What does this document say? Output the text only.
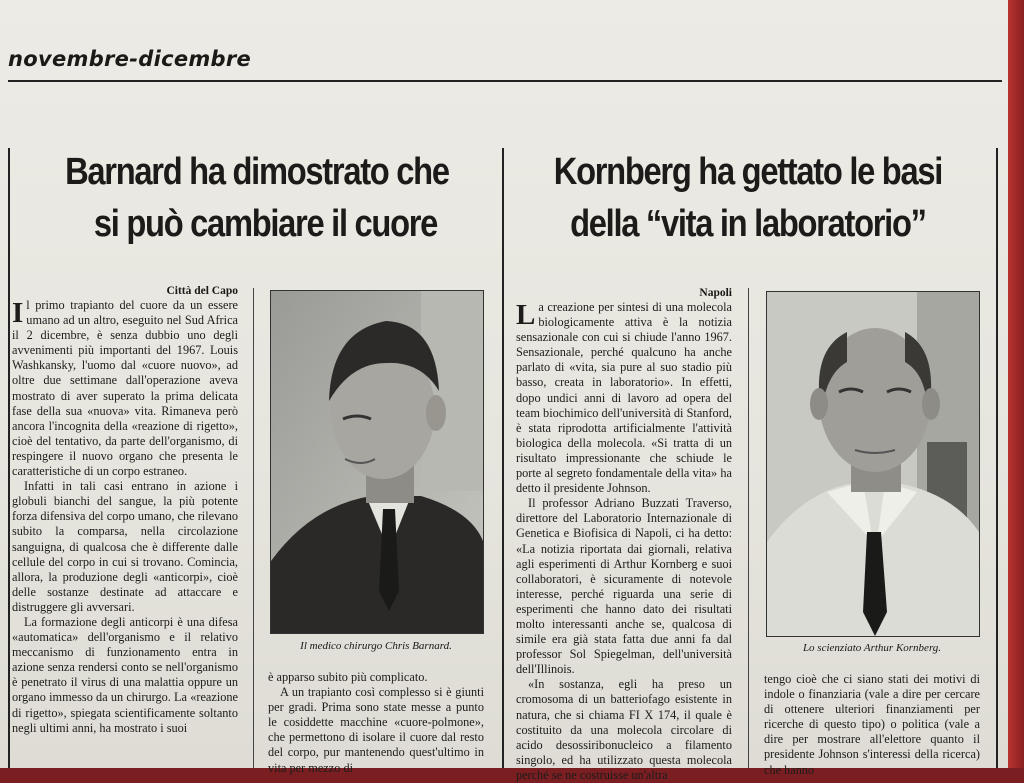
novembre-dicembre
Barnard ha dimostrato che
si può cambiare il cuore
Città del Capo

Il primo trapianto del cuore da un essere umano ad un altro, eseguito nel Sud Africa il 2 dicembre, è senza dubbio uno degli avvenimenti più importanti del 1967. Louis Washkansky, l'uomo dal «cuore nuovo», ad oltre due settimane dall'operazione aveva mostrato di aver superato la prima delicata fase della sua «nuova» vita. Rimaneva però ancora l'incognita della «reazione di rigetto», cioè del tentativo, da parte dell'organismo, di respingere il nuovo organo che presenta le caratteristiche di un corpo estraneo.

Infatti in tali casi entrano in azione i globuli bianchi del sangue, la più potente forza difensiva del corpo umano, che rilevano subito la comparsa, nella circolazione sanguigna, di qualcosa che è differente dalle cellule del corpo in cui si trovano. Comincia, allora, la produzione degli «anticorpi», cioè delle sostanze destinate ad attaccare e distruggere gli avversari.

La formazione degli anticorpi è una difesa «automatica» dell'organismo e il relativo meccanismo di funzionamento entra in azione senza rendersi conto se nell'organismo è penetrato il virus di una malattia oppure un organo immesso da un chirurgo. La «reazione di rigetto», spiegata scientificamente soltanto negli ultimi anni, ha mostrato i suoi

Il medico chirurgo Chris Barnard.

è apparso subito più complicato.

A un trapianto così complesso si è giunti per gradi. Prima sono state messe a punto le cosiddette macchine «cuore-polmone», che permettono di isolare il cuore dal resto del corpo, pur mantenendo quest'ultimo in vita per mezzo di

Kornberg ha gettato le basi
della “vita in laboratorio”
Napoli

La creazione per sintesi di una molecola biologicamente attiva è la notizia sensazionale con cui si chiude l'anno 1967. Sensazionale, perché qualcuno ha anche parlato di «vita, sia pure al suo stadio più basso, creata in laboratorio». In effetti, dopo undici anni di lavoro ad opera del team biochimico dell'università di Stanford, è stata riprodotta artificialmente l'attività biologica della molecola. «Si tratta di un risultato impressionante che schiude le porte al segreto fondamentale della vita» ha detto il presidente Johnson.

Il professor Adriano Buzzati Traverso, direttore del Laboratorio Internazionale di Genetica e Biofisica di Napoli, ci ha detto: «La notizia riportata dai giornali, relativa agli esperimenti di Arthur Kornberg e suoi collaboratori, è sicuramente di notevole interesse, perché riguarda una serie di esperimenti che hanno dato dei risultati molto interessanti anche se, qualcosa di simile era già stata fatta due anni fa dal professor Sol Spiegelman, dell'università dell'Illinois.

«In sostanza, egli ha preso un cromosoma di un batteriofago esistente in natura, che si chiama FI X 174, il quale è costituito da una molecola circolare di acido desossiribonucleico a filamento singolo, ed ha utilizzato questa molecola perché se ne costruisse un'altra

Lo scienziato Arthur Kornberg.

tengo cioè che ci siano stati dei motivi di indole o finanziaria (vale a dire per cercare di ottenere ulteriori finanziamenti per ricerche di questo tipo) o politica (vale a dire per mostrare all'elettore quanto il presidente Johnson s'interessi della ricerca) che hanno
